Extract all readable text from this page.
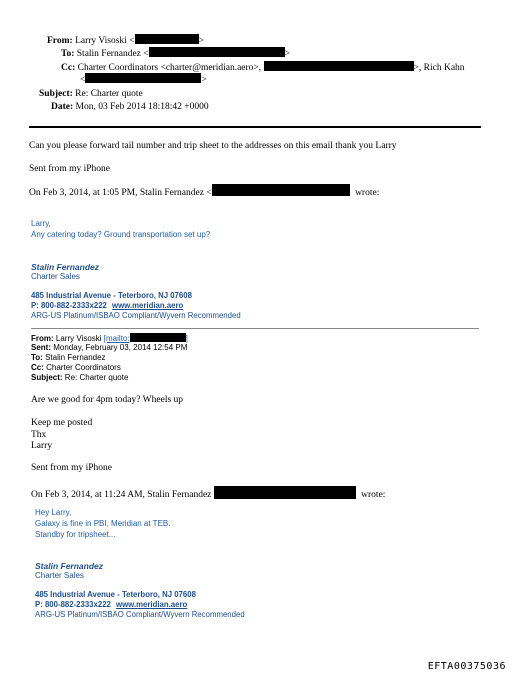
From: Larry Visoski <	>
To: Stalin Fernandez <	>
Cc: Charter Coordinators <charter@meridian.aero>,	>, Rich Kahn
<	>
Subject: Re: Charter quote
Date: Mon, 03 Feb 2014 18:18:42 +0000
Can you please forward tail number and trip sheet to the addresses on this email thank you Larry
Sent from my iPhone
On Feb 3, 2014, at 1:05 PM, Stalin Fernandez <	wrote:
Larry,
Any catering today? Ground transportation set up?
Stalin Fernandez
Charter Sales
485 Industrial Avenue - Teterboro, NJ 07608
P: 800-882-2333x222 www.meridian.aero
ARG-US Platinum/ISBAO Compliant/Wyvern Recommended
From: Larry Visoski [mailto:	]
Sent: Monday, February 03, 2014 12:54 PM
To: Stalin Fernandez
Cc: Charter Coordinators
Subject: Re: Charter quote
Are we good for 4pm today? Wheels up
Keep me posted
Thx
Larry
Sent from my iPhone
On Feb 3, 2014, at 11:24 AM, Stalin Fernandez	wrote:
Hey Larry,
Galaxy is fine in PBI, Meridian at TEB.
Standby for tripsheet...
Stalin Fernandez
Charter Sales
485 Industrial Avenue - Teterboro, NJ 07608
P: 800-882-2333x222 www.meridian.aero
ARG-US Platinum/ISBAO Compliant/Wyvern Recommended
EFTA00375036
